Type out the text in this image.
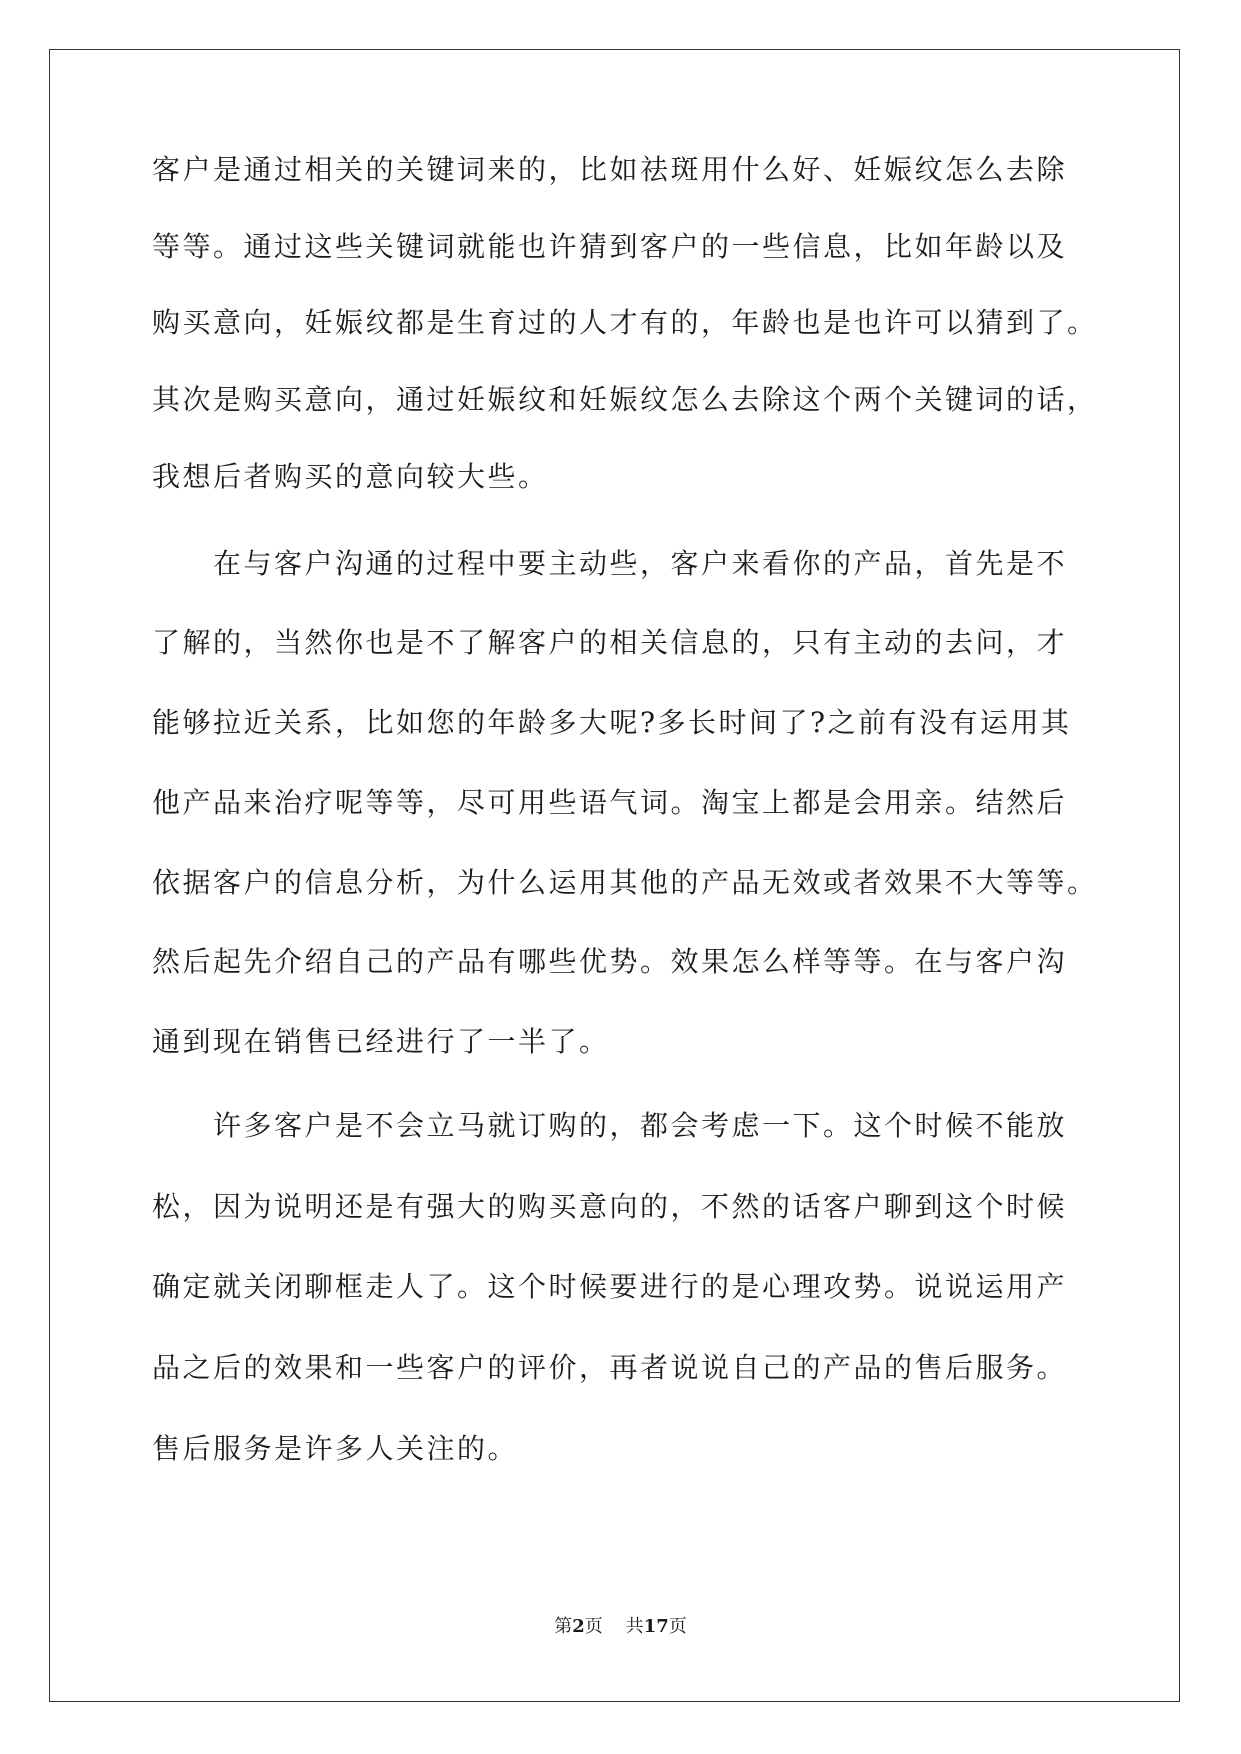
客户是通过相关的关键词来的，比如祛斑用什么好、妊娠纹怎么去除
等等。通过这些关键词就能也许猜到客户的一些信息，比如年龄以及
购买意向，妊娠纹都是生育过的人才有的，年龄也是也许可以猜到了。
其次是购买意向，通过妊娠纹和妊娠纹怎么去除这个两个关键词的话，
我想后者购买的意向较大些。
在与客户沟通的过程中要主动些，客户来看你的产品，首先是不
了解的，当然你也是不了解客户的相关信息的，只有主动的去问，才
能够拉近关系，比如您的年龄多大呢?多长时间了?之前有没有运用其
他产品来治疗呢等等，尽可用些语气词。淘宝上都是会用亲。结然后
依据客户的信息分析，为什么运用其他的产品无效或者效果不大等等。
然后起先介绍自己的产品有哪些优势。效果怎么样等等。在与客户沟
通到现在销售已经进行了一半了。
许多客户是不会立马就订购的，都会考虑一下。这个时候不能放
松，因为说明还是有强大的购买意向的，不然的话客户聊到这个时候
确定就关闭聊框走人了。这个时候要进行的是心理攻势。说说运用产
品之后的效果和一些客户的评价，再者说说自己的产品的售后服务。
售后服务是许多人关注的。
第2页 共17页
